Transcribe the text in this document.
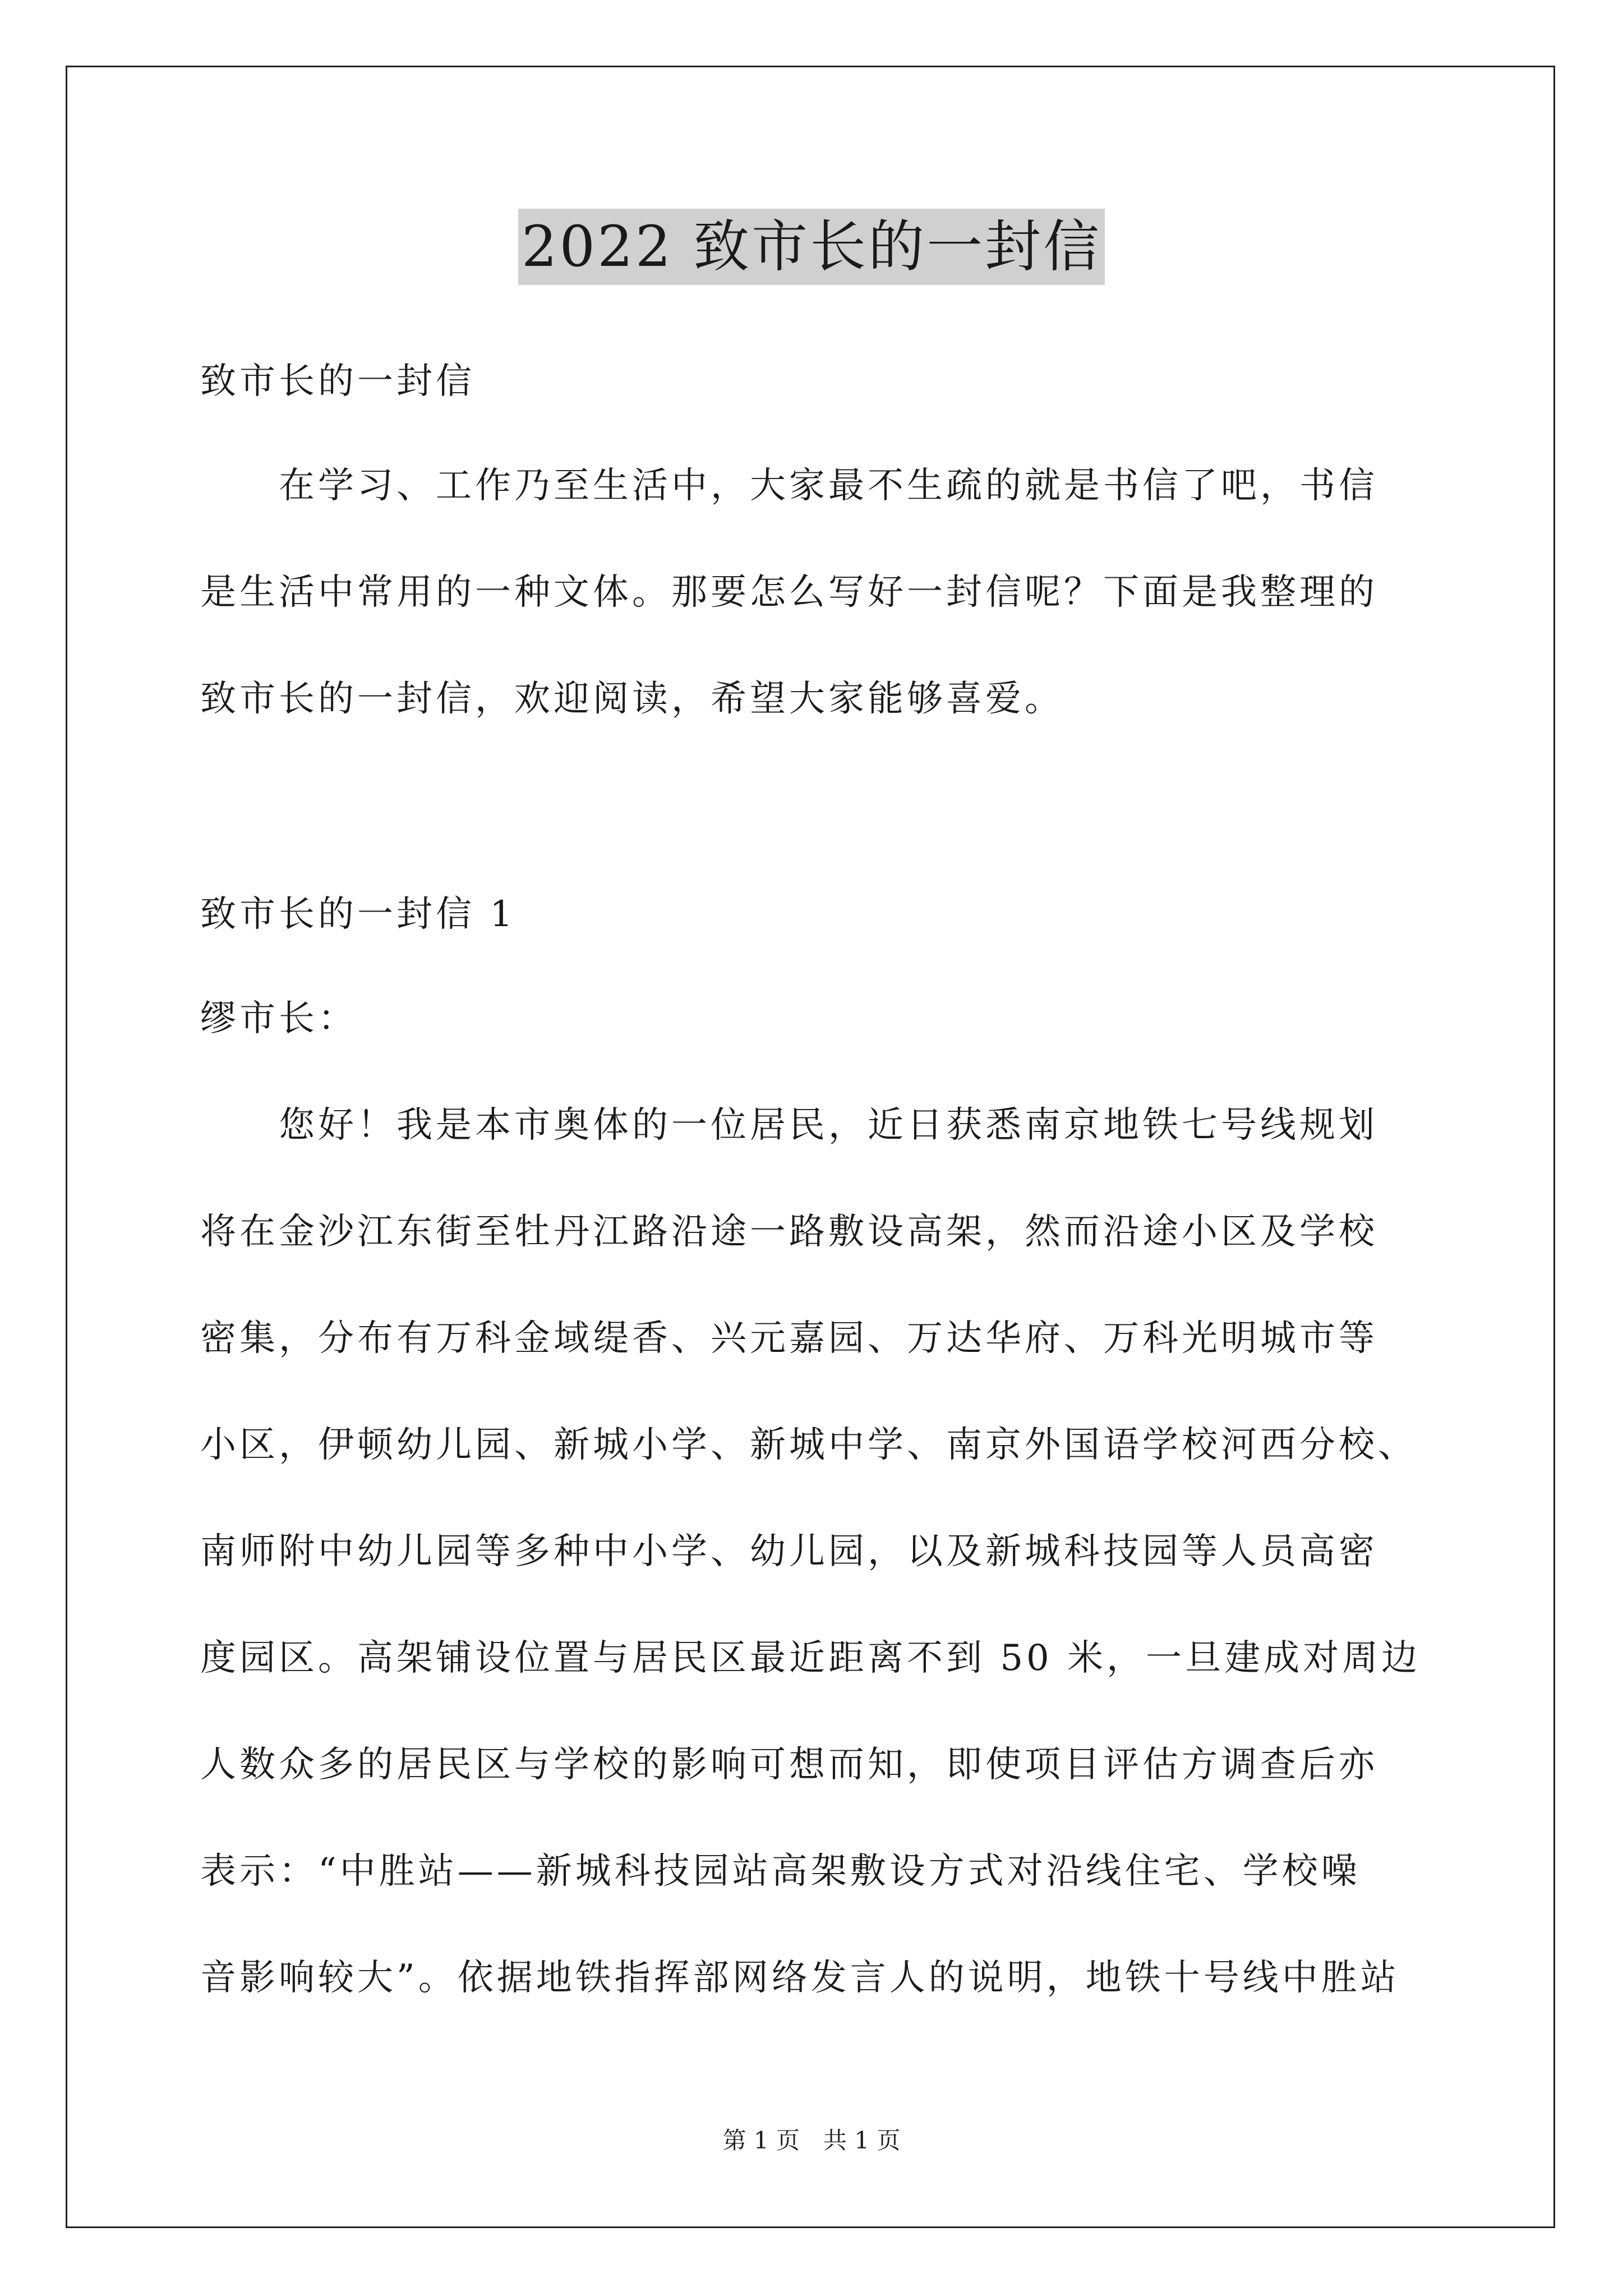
2022 致市长的一封信
致市长的一封信
在学习、工作乃至生活中，大家最不生疏的就是书信了吧，书信
是生活中常用的一种文体。那要怎么写好一封信呢？下面是我整理的
致市长的一封信，欢迎阅读，希望大家能够喜爱。
致市长的一封信 1
缪市长：
您好！我是本市奥体的一位居民，近日获悉南京地铁七号线规划
将在金沙江东街至牡丹江路沿途一路敷设高架，然而沿途小区及学校
密集，分布有万科金域缇香、兴元嘉园、万达华府、万科光明城市等
小区，伊顿幼儿园、新城小学、新城中学、南京外国语学校河西分校、
南师附中幼儿园等多种中小学、幼儿园，以及新城科技园等人员高密
度园区。高架铺设位置与居民区最近距离不到 50 米，一旦建成对周边
人数众多的居民区与学校的影响可想而知，即使项目评估方调查后亦
表示：“中胜站——新城科技园站高架敷设方式对沿线住宅、学校噪
音影响较大”。依据地铁指挥部网络发言人的说明，地铁十号线中胜站
第 1 页　共 1 页
